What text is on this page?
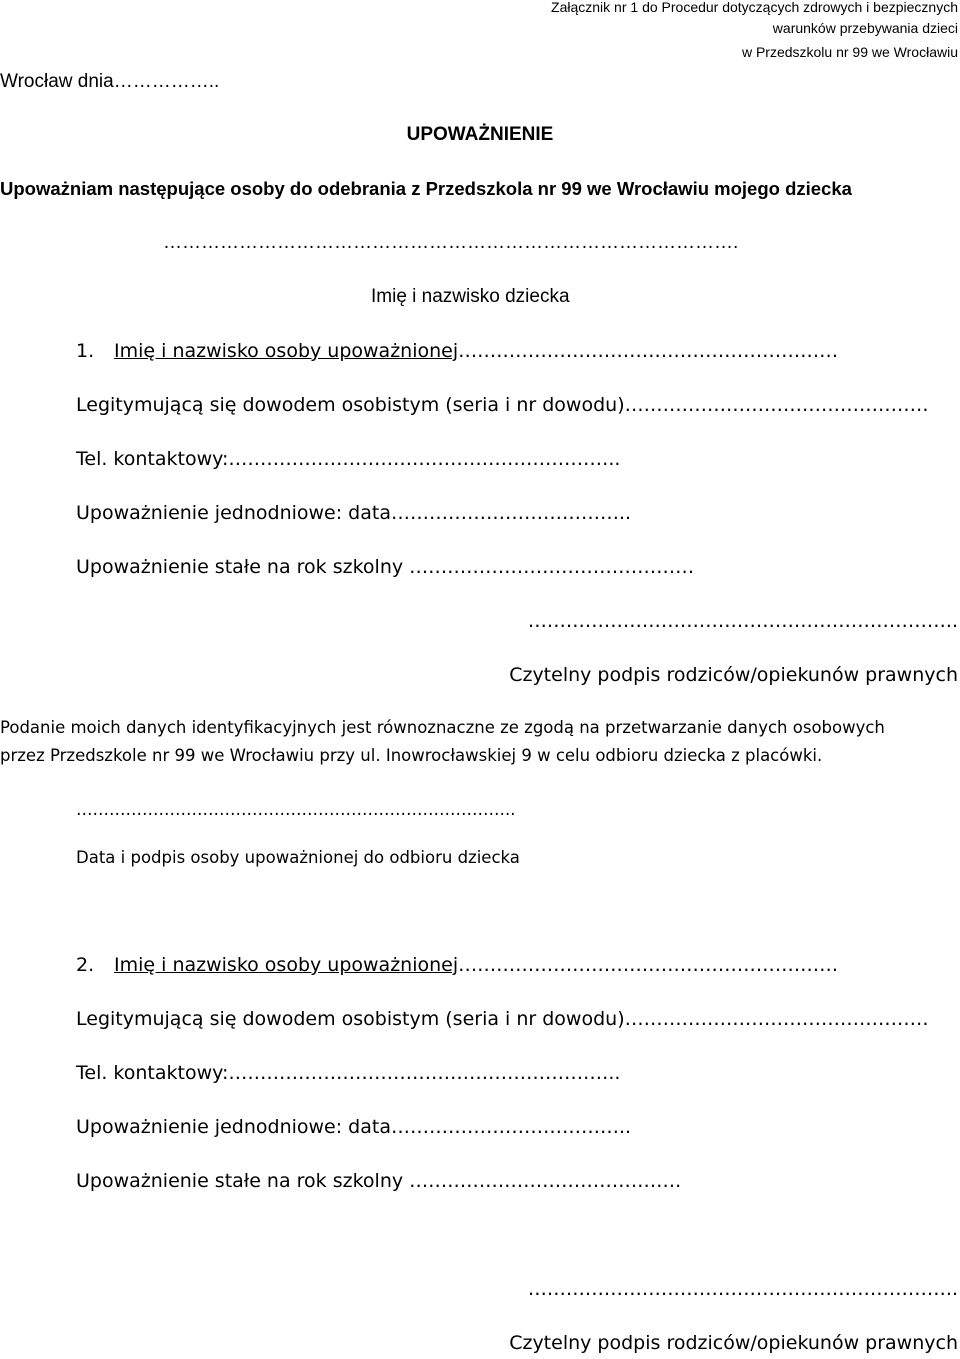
Załącznik nr 1 do Procedur dotyczących zdrowych i bezpiecznych
warunków przebywania dzieci
w Przedszkolu nr 99 we Wrocławiu
Wrocław dnia……………..
UPOWAŻNIENIE
Upoważniam następujące osoby do odebrania z Przedszkola nr 99 we Wrocławiu mojego dziecka
……………………………………………………………………………….
Imię i nazwisko dziecka
1. Imię i nazwisko osoby upoważnionej……………………………………………………
Legitymującą się dowodem osobistym (seria i nr dowodu)…………………………………………
Tel. kontaktowy:……………………………………………………..
Upoważnienie jednodniowe: data………………………………..
Upoważnienie stałe na rok szkolny ………………………………………
…………………………………………………………..
Czytelny podpis rodziców/opiekunów prawnych
Podanie moich danych identyfikacyjnych jest równoznaczne ze zgodą na przetwarzanie danych osobowych
przez Przedszkole nr 99 we Wrocławiu przy ul. Inowrocławskiej 9 w celu odbioru dziecka z placówki.
……………………………………………………………………..
Data i podpis osoby upoważnionej do odbioru dziecka
2. Imię i nazwisko osoby upoważnionej……………………………………………………
Legitymującą się dowodem osobistym (seria i nr dowodu)…………………………………………
Tel. kontaktowy:……………………………………………………..
Upoważnienie jednodniowe: data………………………………..
Upoważnienie stałe na rok szkolny …………………………………….
…………………………………………………………..
Czytelny podpis rodziców/opiekunów prawnych
